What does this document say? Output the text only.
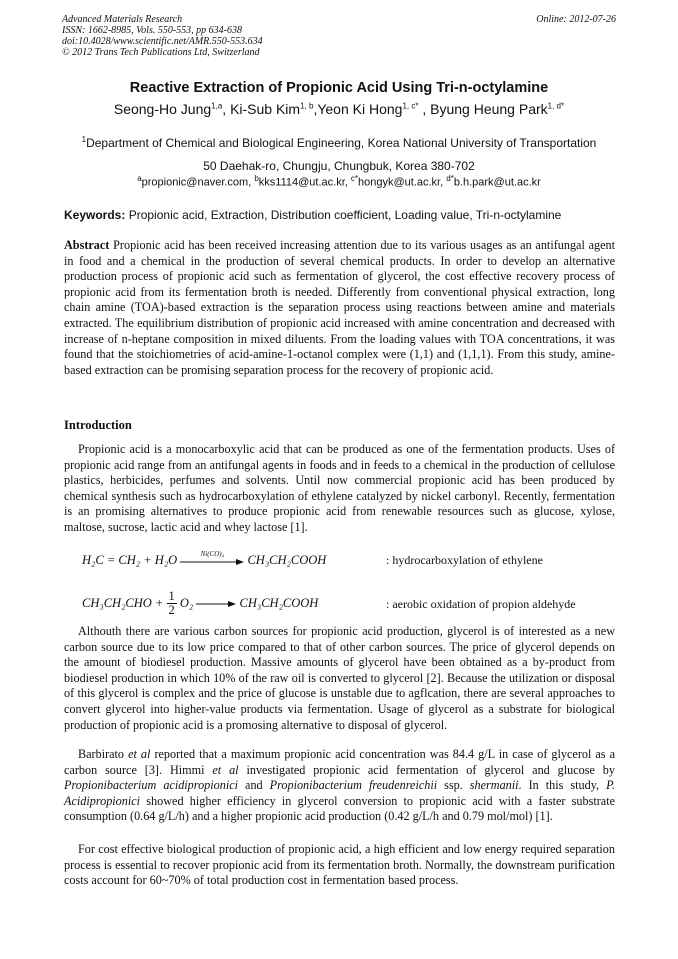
Advanced Materials Research
ISSN: 1662-8985, Vols. 550-553, pp 634-638
doi:10.4028/www.scientific.net/AMR.550-553.634
© 2012 Trans Tech Publications Ltd, Switzerland
Online: 2012-07-26
Reactive Extraction of Propionic Acid Using Tri-n-octylamine
Seong-Ho Jung$^{1,a}$, Ki-Sub Kim$^{1, b}$,Yeon Ki Hong$^{1, c*}$ , Byung Heung Park$^{1, d*}$
$^1$Department of Chemical and Biological Engineering, Korea National University of Transportation
50 Daehak-ro, Chungju, Chungbuk, Korea 380-702
$^a$propionic@naver.com, $^b$kks1114@ut.ac.kr, $^{c*}$hongyk@ut.ac.kr, $^{d*}$b.h.park@ut.ac.kr
Keywords: Propionic acid, Extraction, Distribution coefficient, Loading value, Tri-n-octylamine

Abstract Propionic acid has been received increasing attention due to its various usages as an antifungal agent in food and a chemical in the production of several chemical products. In order to develop an alternative production process of propionic acid such as fermentation of glycerol, the cost effective recovery process of propionic acid from its fermentation broth is needed. Differently from conventional physical extraction, long chain amine (TOA)-based extraction is the separation process using reactions between amine and materials extracted. The equilibrium distribution of propionic acid increased with amine concentration and decreased with increase of n-heptane composition in mixed diluents. From the loading values with TOA concentrations, it was found that the stoichiometries of acid-amine-1-octanol complex were (1,1) and (1,1,1). From this study, amine-based extraction can be promising separation process for the recovery of propionic acid.

Introduction

Propionic acid is a monocarboxylic acid that can be produced as one of the fermentation products. Uses of propionic acid range from an antifungal agents in foods and in feeds to a chemical in the production of cellulose plastics, herbicides, perfumes and solvents. Until now commercial propionic acid has been produced by chemical synthesis such as hydrocarboxylation of ethylene catalyzed by nickel carbonyl. Recently, fermentation is an promising alternatives to produce propionic acid from renewable resources such as glucose, xylose, maltose, sucrose, lactic acid and whey lactose [1].

H₂C = CH₂ + H₂O	Ni(CO)₄	CH₃CH₂COOH	: hydrocarboxylation of ethylene
$CH_3CH_2CHO + \frac{1}{2} O_2$	CH₃CH₂COOH	: aerobic oxidation of propion aldehyde

Althouth there are various carbon sources for propionic acid production, glycerol is of interested as a new carbon source due to its low price compared to that of other carbon sources. The price of glycerol depends on the amount of biodiesel production. Massive amounts of glycerol have been obtained as a by-product from biodiesel production in which 10% of the raw oil is converted to glycerol [2]. Because the utilization or disposal of this glycerol is complex and the price of glucose is unstable due to agflcation, there are several approaches to convert glycerol into higher-value products via fermentation. Usage of glycerol as a substrate for biological production of propionic acid is a promosing alternative to disposal of glycerol.

Barbirato et al reported that a maximum propionic acid concentration was 84.4 g/L in case of glycerol as a carbon source [3]. Himmi et al investigated propionic acid fermentation of glycerol and glucose by Propionibacterium acidipropionici and Propionibacterium freudenreichii ssp. shermanii. In this study, P. Acidipropionici showed higher efficiency in glycerol conversion to propionic acid with a faster substrate consumption (0.64 g/L/h) and a higher propionic acid production (0.42 g/L/h and 0.79 mol/mol) [1].

For cost effective biological production of propionic acid, a high efficient and low energy required separation process is essential to recover propionic acid from its fermentation broth. Normally, the downstream purification costs account for 60~70% of total production cost in fermentation based process.
